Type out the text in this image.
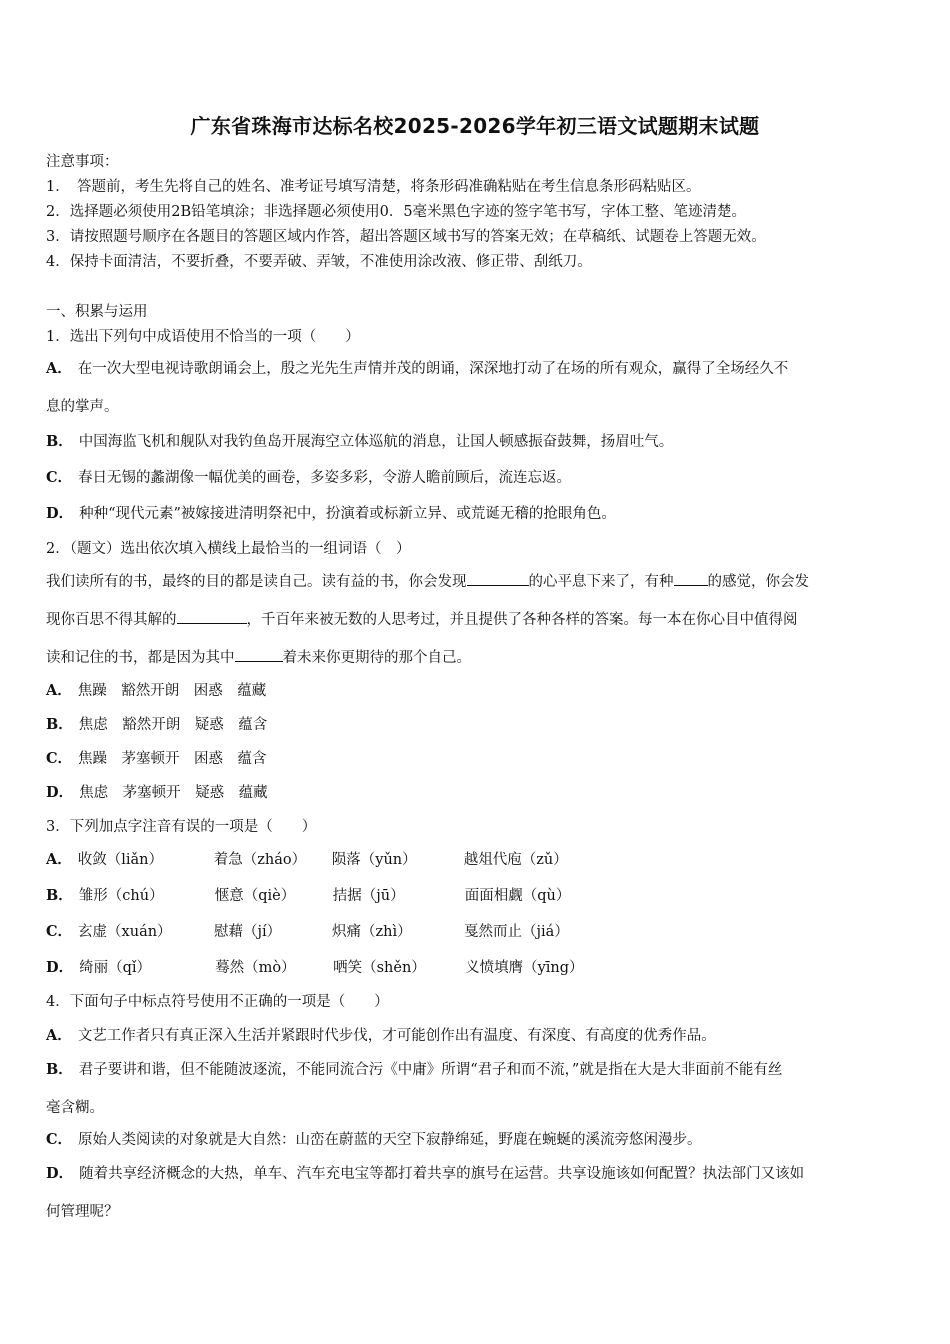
广东省珠海市达标名校2025-2026学年初三语文试题期末试题
注意事项：
1．　答题前，考生先将自己的姓名、准考证号填写清楚，将条形码准确粘贴在考生信息条形码粘贴区。
2．选择题必须使用2B铅笔填涂；非选择题必须使用0．5毫米黑色字迹的签字笔书写，字体工整、笔迹清楚。
3．请按照题号顺序在各题目的答题区域内作答，超出答题区域书写的答案无效；在草稿纸、试题卷上答题无效。
4．保持卡面清洁，不要折叠，不要弄破、弄皱，不准使用涂改液、修正带、刮纸刀。
一、积累与运用
1．选出下列句中成语使用不恰当的一项（　　）
A． 在一次大型电视诗歌朗诵会上，殷之光先生声情并茂的朗诵，深深地打动了在场的所有观众，赢得了全场经久不
息的掌声。
B． 中国海监飞机和舰队对我钓鱼岛开展海空立体巡航的消息，让国人顿感振奋鼓舞，扬眉吐气。
C． 春日无锡的蠡湖像一幅优美的画卷，多姿多彩，令游人瞻前顾后，流连忘返。
D． 种种“现代元素”被嫁接进清明祭祀中，扮演着或标新立异、或荒诞无稽的抢眼角色。
2．（题文）选出依次填入横线上最恰当的一组词语（　）
我们读所有的书，最终的目的都是读自己。读有益的书，你会发现	的心平息下来了，有种 的感觉，你会发
现你百思不得其解的	，千百年来被无数的人思考过，并且提供了各种各样的答案。每一本在你心目中值得阅
读和记住的书，都是因为其中	着未来你更期待的那个自己。
A． 焦躁　豁然开朗　困惑　蕴藏
B． 焦虑　豁然开朗　疑惑　蕴含
C． 焦躁　茅塞顿开　困惑　蕴含
D． 焦虑　茅塞顿开　疑惑　蕴藏
3．下列加点字注音有误的一项是（　　）
A． 收敛（liǎn）	着急（zháo） 陨落（yǔn）	越俎代庖（zǔ）
B． 雏形（chú）	惬意（qiè）	拮据（jū）	面面相觑（qù）
C． 玄虚（xuán）	慰藉（jí）	炽痛（zhì）	戛然而止（jiá）
D． 绮丽（qǐ）	蓦然（mò）	哂笑（shěn）	义愤填膺（yīng）
4．下面句子中标点符号使用不正确的一项是（　　）
A． 文艺工作者只有真正深入生活并紧跟时代步伐，才可能创作出有温度、有深度、有高度的优秀作品。
B． 君子要讲和谐，但不能随波逐流，不能同流合污《中庸》所谓“君子和而不流，”就是指在大是大非面前不能有丝
毫含糊。
C． 原始人类阅读的对象就是大自然：山峦在蔚蓝的天空下寂静绵延，野鹿在蜿蜒的溪流旁悠闲漫步。
D． 随着共享经济概念的大热，单车、汽车充电宝等都打着共享的旗号在运营。共享设施该如何配置？执法部门又该如
何管理呢？
